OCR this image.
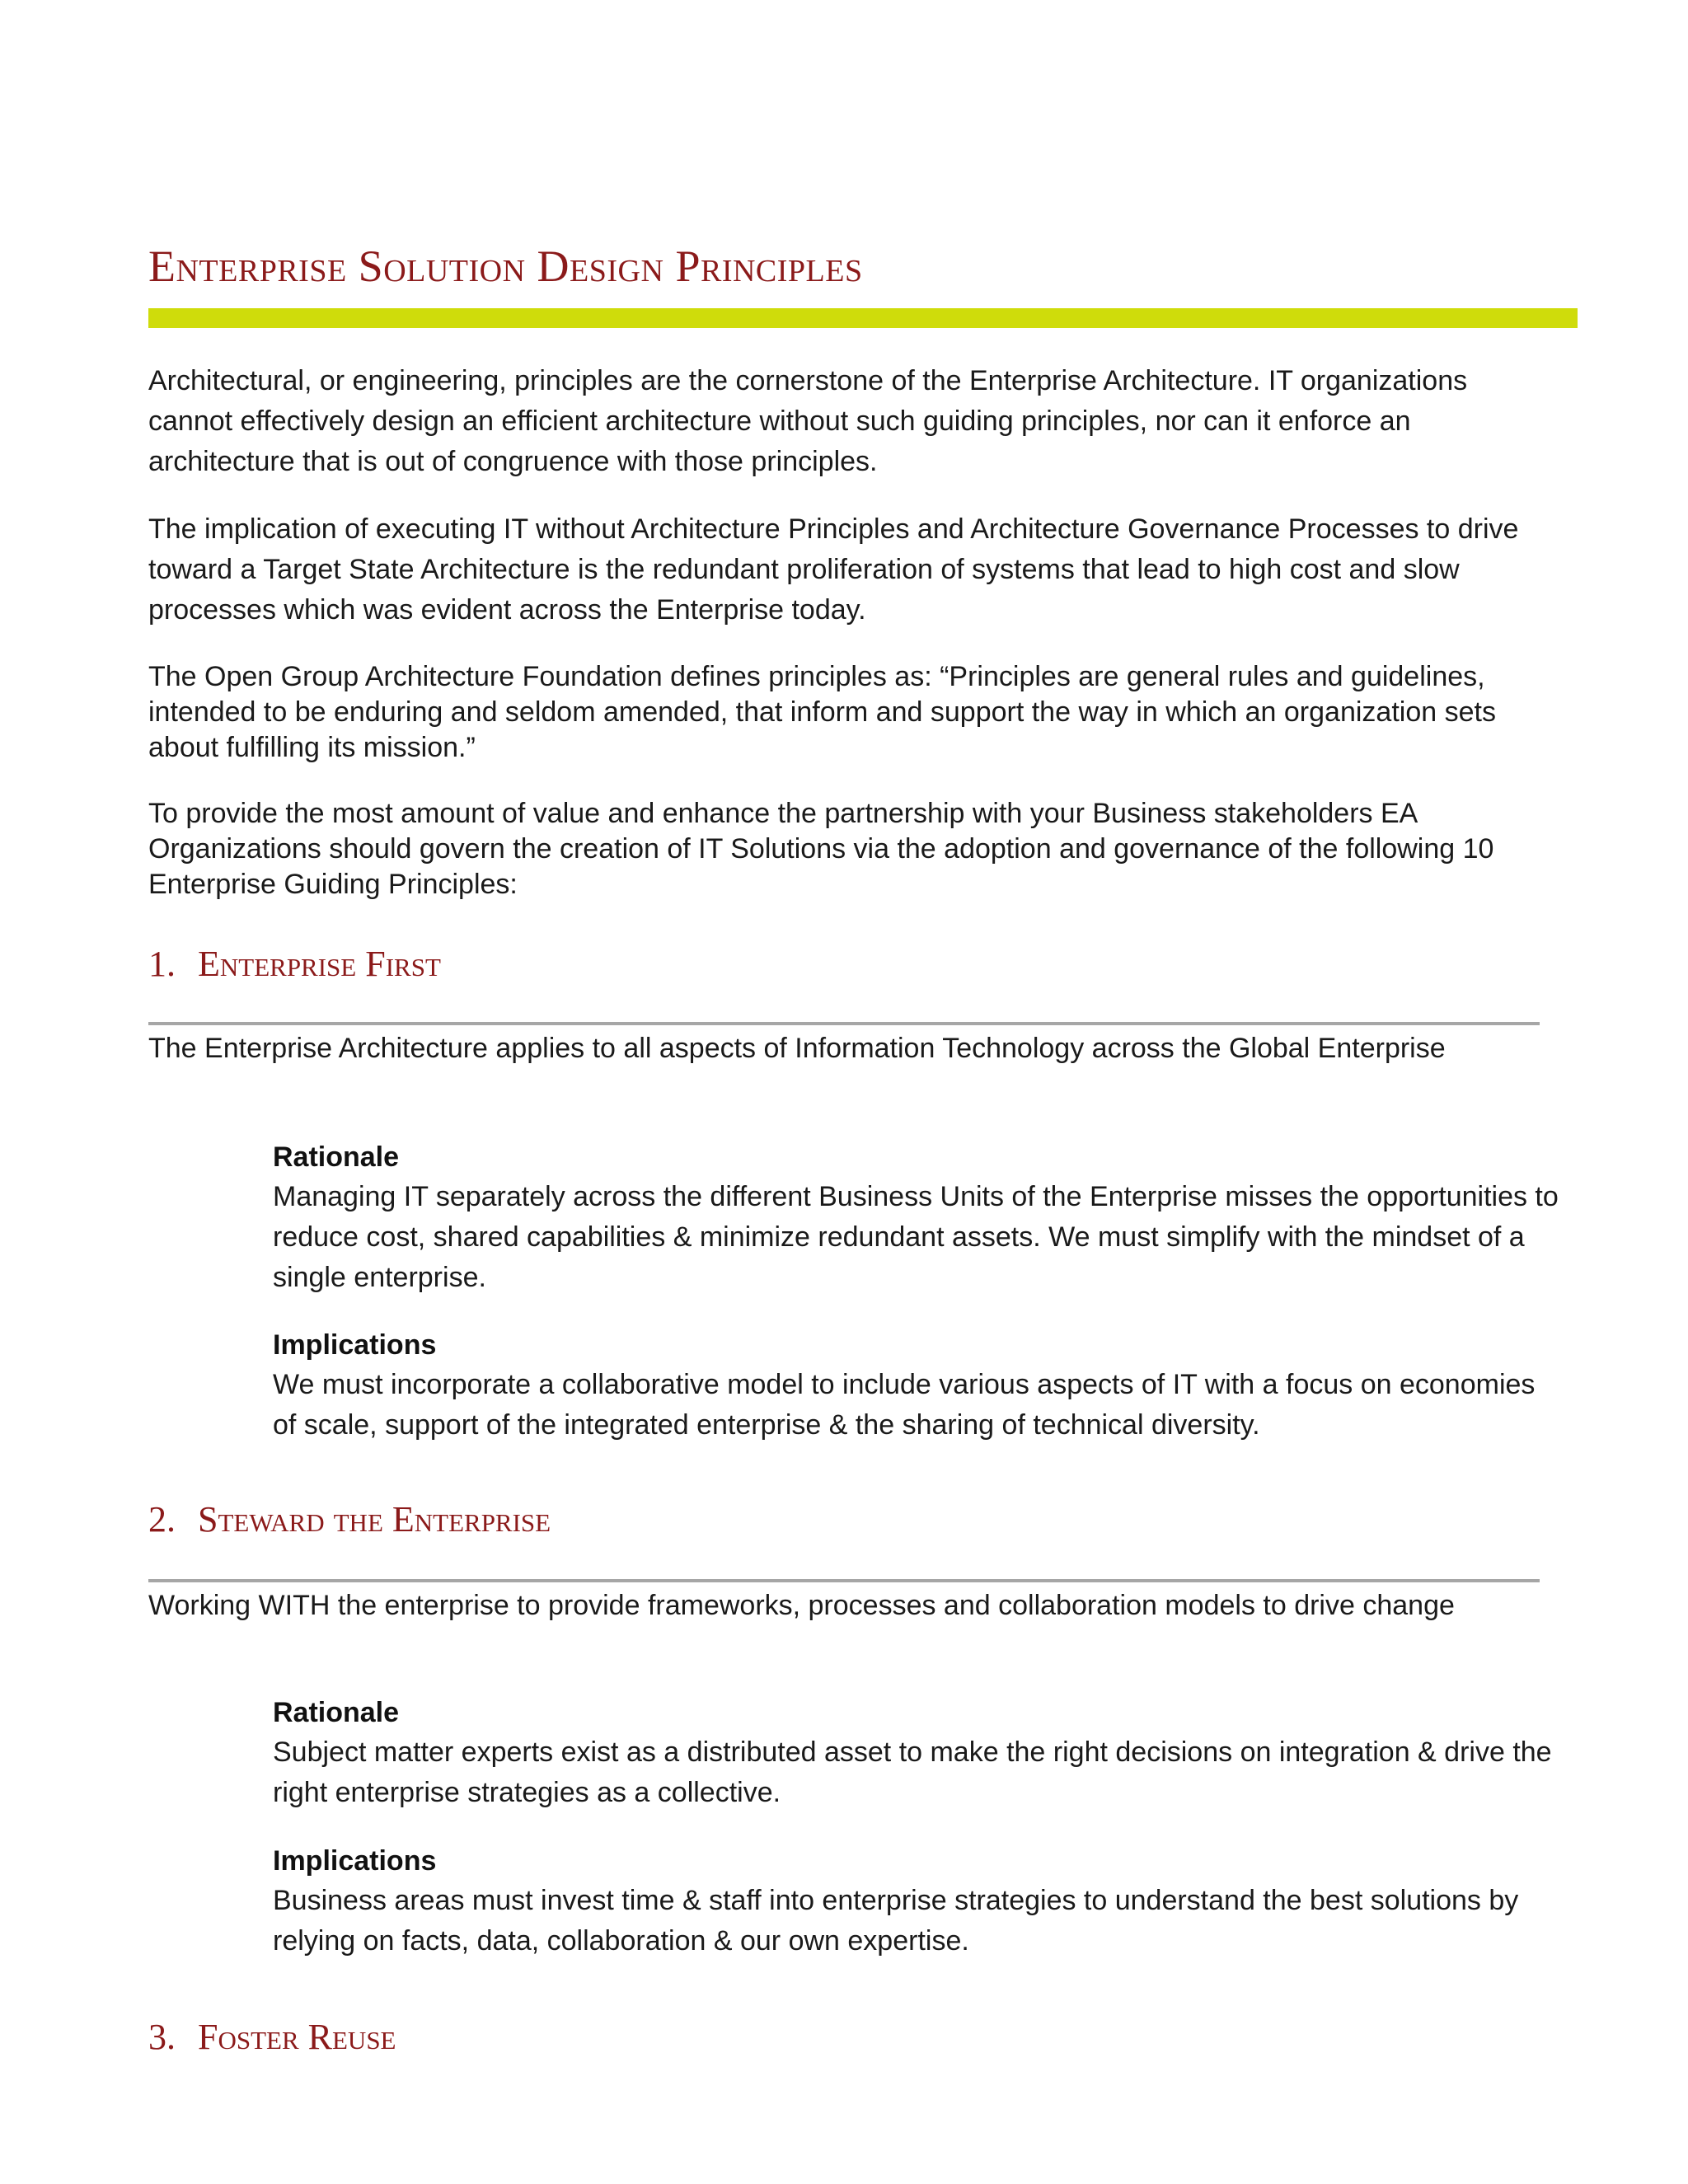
Enterprise Solution Design Principles

Architectural, or engineering, principles are the cornerstone of the Enterprise Architecture. IT organizations cannot effectively design an efficient architecture without such guiding principles, nor can it enforce an architecture that is out of congruence with those principles.

The implication of executing IT without Architecture Principles and Architecture Governance Processes to drive toward a Target State Architecture is the redundant proliferation of systems that lead to high cost and slow processes which was evident across the Enterprise today.

The Open Group Architecture Foundation defines principles as: “Principles are general rules and guidelines, intended to be enduring and seldom amended, that inform and support the way in which an organization sets about fulfilling its mission.”

To provide the most amount of value and enhance the partnership with your Business stakeholders EA Organizations should govern the creation of IT Solutions via the adoption and governance of the following 10 Enterprise Guiding Principles:

1. Enterprise First

The Enterprise Architecture applies to all aspects of Information Technology across the Global Enterprise

Rationale

Managing IT separately across the different Business Units of the Enterprise misses the opportunities to reduce cost, shared capabilities & minimize redundant assets. We must simplify with the mindset of a single enterprise.

Implications

We must incorporate a collaborative model to include various aspects of IT with a focus on economies of scale, support of the integrated enterprise & the sharing of technical diversity.

2. Steward the Enterprise

Working WITH the enterprise to provide frameworks, processes and collaboration models to drive change

Rationale

Subject matter experts exist as a distributed asset to make the right decisions on integration & drive the right enterprise strategies as a collective.

Implications

Business areas must invest time & staff into enterprise strategies to understand the best solutions by relying on facts, data, collaboration & our own expertise.

3. Foster Reuse
